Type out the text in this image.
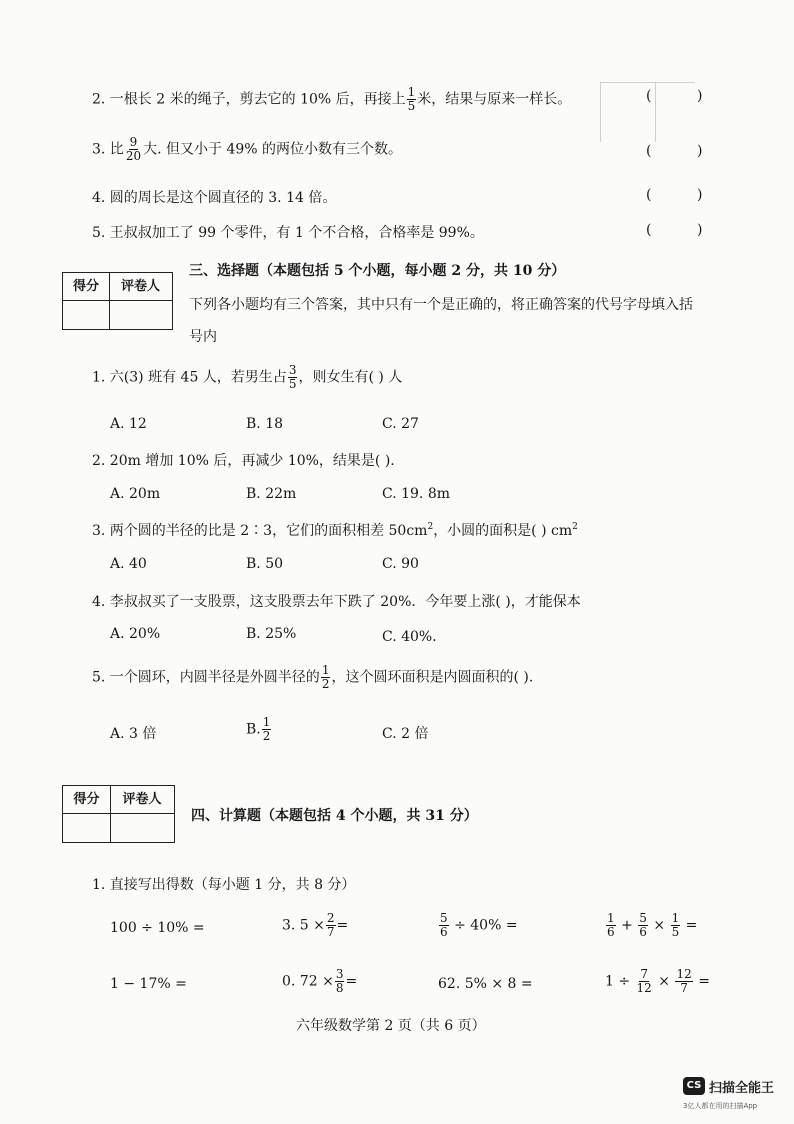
2. 一根长 2 米的绳子，剪去它的 10% 后，再接上 $\frac{1}{5}$ 米，结果与原来一样长。	(	)
3. 比 $\frac{9}{20}$ 大. 但又小于 49% 的两位小数有三个数。	(	)
4. 圆的周长是这个圆直径的 3. 14 倍。	(	)
5. 王叔叔加工了 99 个零件，有 1 个不合格，合格率是 99%。	(	)
得分	评卷人
三、选择题（本题包括 5 个小题，每小题 2 分，共 10 分）
下列各小题均有三个答案，其中只有一个是正确的，将正确答案的代号字母填入括
号内
1. 六(3) 班有 45 人，若男生占 $\frac{3}{5}$ ，则女生有( ) 人
A. 12	B. 18	C. 27
2. 20m 增加 10% 后，再减少 10%，结果是( ).
A. 20m	B. 22m	C. 19. 8m
3. 两个圆的半径的比是 2∶3，它们的面积相差 $50cm^2$，小圆的面积是( ) $cm^2$
A. 40	B. 50	C. 90
4. 李叔叔买了一支股票，这支股票去年下跌了 20%．今年要上涨( )，才能保本
A. 20%	B. 25%	C. 40%．
5. 一个圆环，内圆半径是外圆半径的 $\frac{1}{2}$ ，这个圆环面积是内圆面积的( ).
A. 3 倍	B. $\frac{1}{2}$	C. 2 倍
得分	评卷人
四、计算题（本题包括 4 个小题，共 31 分）
1. 直接写出得数（每小题 1 分，共 8 分）
100 ÷ 10% =	3. $5 \times \frac{2}{7}$ =	$\frac{5}{6} \div 40\%$ =	$\frac{1}{6} + \frac{5}{6} \times \frac{1}{5}$ =
1 − 17% =	0. $72 \times \frac{3}{8}$ =	62. 5% × 8 =	$1 \div \frac{7}{12} \times \frac{12}{7}$ =
六年级数学第 2 页（共 6 页）
CS 扫描全能王
3亿人都在用的扫描App
